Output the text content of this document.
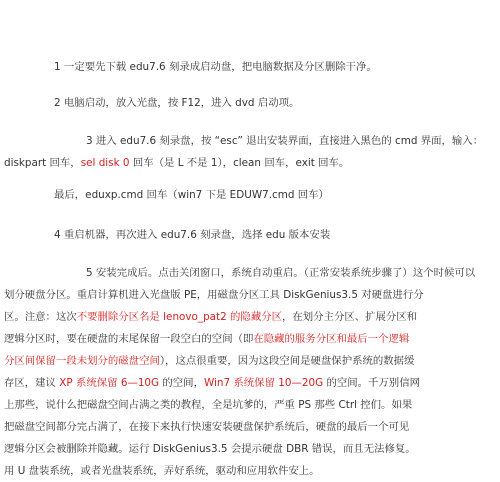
1 一定要先下载 edu7.6 刻录成启动盘，把电脑数据及分区删除干净。

2 电脑启动，放入光盘，按 F12，进入 dvd 启动项。

3 进入 edu7.6 刻录盘，按 “esc” 退出安装界面，直接进入黑色的 cmd 界面，输入：
diskpart 回车，sel disk 0 回车（是 L 不是 1），clean 回车，exit 回车。

最后，eduxp.cmd 回车（win7 下是 EDUW7.cmd 回车）

4 重启机器，再次进入 edu7.6 刻录盘，选择 edu 版本安装

5 安装完成后。点击关闭窗口，系统自动重启。（正常安装系统步骤了）这个时候可以
划分硬盘分区。重启计算机进入光盘版 PE，用磁盘分区工具 DiskGenius3.5 对硬盘进行分
区。注意：这次不要删除分区名是 lenovo_pat2 的隐藏分区，在划分主分区、扩展分区和
逻辑分区时，要在硬盘的末尾保留一段空白的空间（即在隐藏的服务分区和最后一个逻辑
分区间保留一段未划分的磁盘空间），这点很重要，因为这段空间是硬盘保护系统的数据缓
存区，建议 XP 系统保留 6—10G 的空间，Win7 系统保留 10—20G 的空间。千万别信网
上那些，说什么把磁盘空间占满之类的教程，全是坑爹的，严重 PS 那些 Ctrl 控们。如果
把磁盘空间都分完占满了，在接下来执行快速安装硬盘保护系统后，硬盘的最后一个可见
逻辑分区会被删除并隐藏。运行 DiskGenius3.5 会提示硬盘 DBR 错误，而且无法修复。
用 U 盘装系统，或者光盘装系统，弄好系统，驱动和应用软件安上。
